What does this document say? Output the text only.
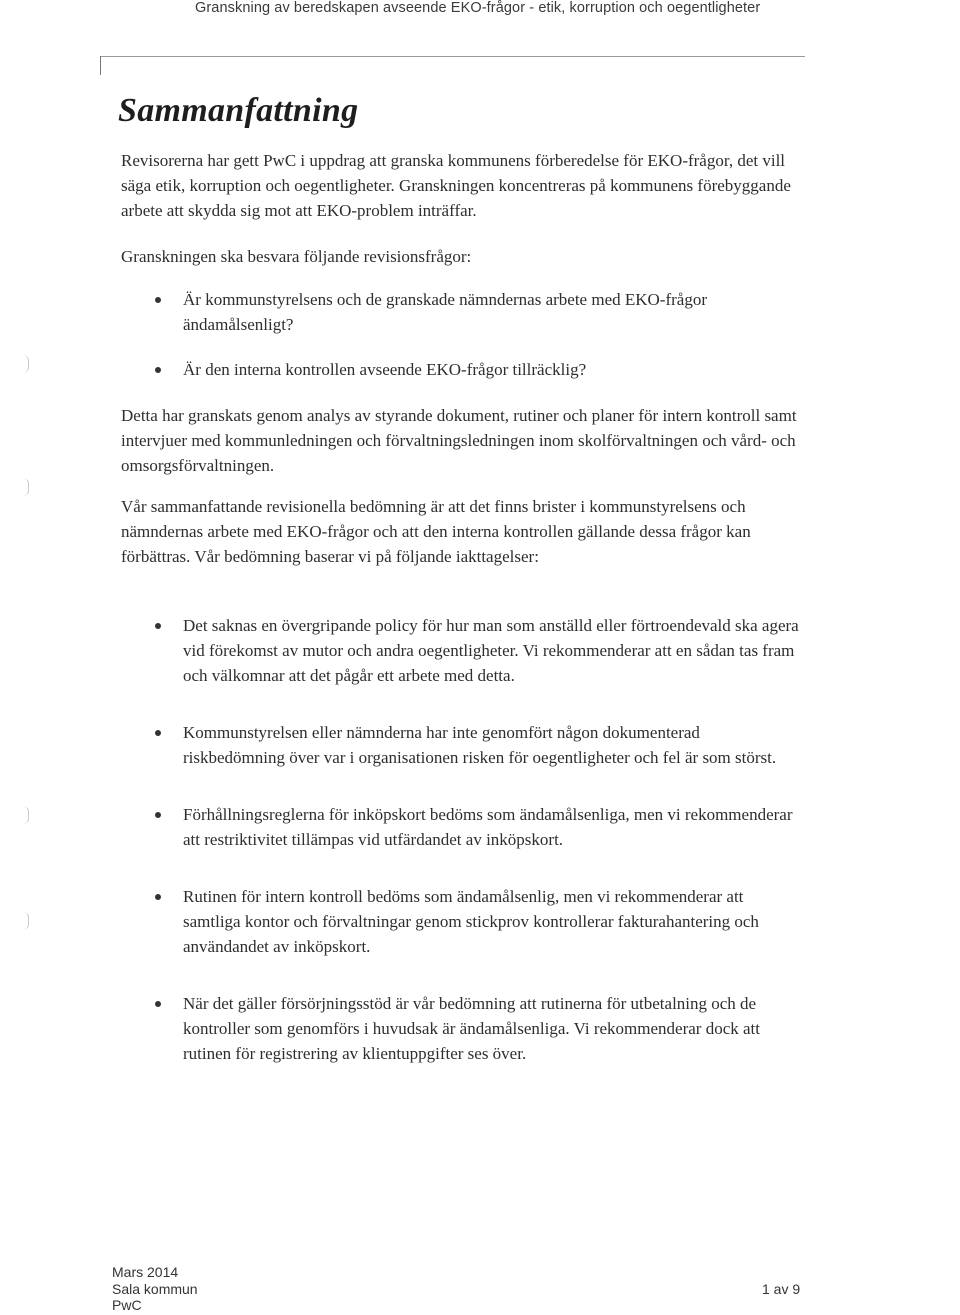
Granskning av beredskapen avseende EKO-frågor - etik, korruption och oegentligheter
Sammanfattning

Revisorerna har gett PwC i uppdrag att granska kommunens förberedelse för EKO-frågor, det vill säga etik, korruption och oegentligheter. Granskningen koncentreras på kommunens förebyggande arbete att skydda sig mot att EKO-problem inträffar.

Granskningen ska besvara följande revisionsfrågor:

Är kommunstyrelsens och de granskade nämndernas arbete med EKO-frågor ändamålsenligt?
Är den interna kontrollen avseende EKO-frågor tillräcklig?

Detta har granskats genom analys av styrande dokument, rutiner och planer för intern kontroll samt intervjuer med kommunledningen och förvaltningsledningen inom skolförvaltningen och vård- och omsorgsförvaltningen.

Vår sammanfattande revisionella bedömning är att det finns brister i kommunstyrelsens och nämndernas arbete med EKO-frågor och att den interna kontrollen gällande dessa frågor kan förbättras. Vår bedömning baserar vi på följande iakttagelser:

Det saknas en övergripande policy för hur man som anställd eller förtroendevald ska agera vid förekomst av mutor och andra oegentligheter. Vi rekommenderar att en sådan tas fram och välkomnar att det pågår ett arbete med detta.
Kommunstyrelsen eller nämnderna har inte genomfört någon dokumenterad riskbedömning över var i organisationen risken för oegentligheter och fel är som störst.
Förhållningsreglerna för inköpskort bedöms som ändamålsenliga, men vi rekommenderar att restriktivitet tillämpas vid utfärdandet av inköpskort.
Rutinen för intern kontroll bedöms som ändamålsenlig, men vi rekommenderar att samtliga kontor och förvaltningar genom stickprov kontrollerar fakturahantering och användandet av inköpskort.
När det gäller försörjningsstöd är vår bedömning att rutinerna för utbetalning och de kontroller som genomförs i huvudsak är ändamålsenliga. Vi rekommenderar dock att rutinen för registrering av klientuppgifter ses över.
Mars 2014
Sala kommun
PwC
1 av 9
